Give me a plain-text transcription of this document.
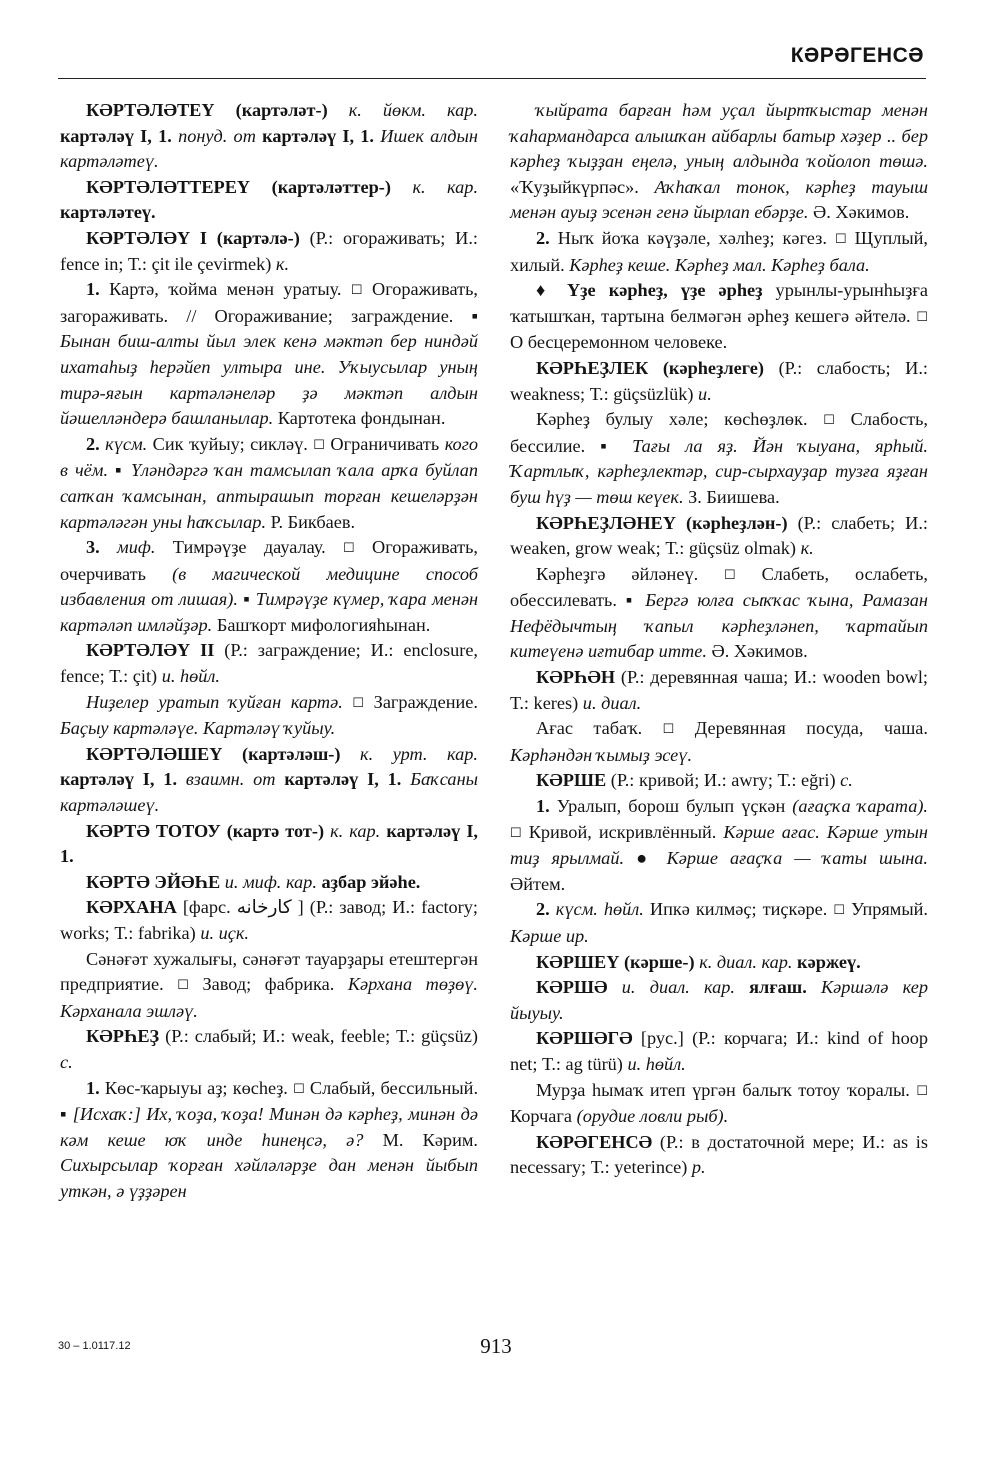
КӘРӘГЕНСӘ

КӘРТӘЛӘТЕҮ (картәләт-) к. йөкм. кар. картәләү I, 1. понуд. от картәләү I, 1. Ишек алдын картәләтеү.

КӘРТӘЛӘТТЕРЕҮ (картәләттер-) к. кар. картәләтеү.

КӘРТӘЛӘҮ I (картәлә-) (Р.: огораживать; И.: fence in; Т.: çit ile çevirmek) к.

1. Картә, ҡойма менән уратыу. ☐ Огораживать, загораживать. // Огораживание; заграждение. ▪ Бынан биш-алты йыл элек кенә мәктәп бер ниндәй ихатаһыҙ һерәйеп ултыра ине. Уҡыусылар уның тирә-яғын картәләнеләр ҙә мәктәп алдын йәшелләндерә башланылар. Картотека фондынан.

2. күсм. Сик ҡуйыу; сикләү. ☐ Ограничивать кого в чём. ▪ Үләндәргә ҡан тамсылап ҡала арҡа буйлап сапҡан ҡамсынан, аптырашып торған кешеләрҙән картәләгән уны һаҡсылар. Р. Бикбаев.

3. миф. Тимрәүҙе дауалау. ☐ Огораживать, очерчивать (в магической медицине способ избавления от лишая). ▪ Тимрәүҙе күмер, ҡара менән картәләп имләйҙәр. Башҡорт мифологияһынан.

КӘРТӘЛӘҮ II (Р.: заграждение; И.: enclosure, fence; Т.: çit) и. һөйл.

Ниҙелер уратып ҡуйған картә. ☐ Заграждение. Баҫыу картәләүе. Картәләү ҡуйыу.

КӘРТӘЛӘШЕҮ (картәләш-) к. урт. кар. картәләү I, 1. взаимн. от картәләү I, 1. Баҡсаны картәләшеү.

КӘРТӘ ТОТОУ (картә тот-) к. кар. картәләү I, 1.

КӘРТӘ ЭЙӘҺЕ и. миф. кар. аҙбар эйәһе.

КӘРХАНА [фарс. کارخانه ] (Р.: завод; И.: factory; works; Т.: fabrika) и. иҫк.

Сәнәғәт хужалығы, сәнәғәт тауарҙары етештергән предприятие. ☐ Завод; фабрика. Кәрхана төҙөү. Кәрханала эшләү.

КӘРҺЕҘ (Р.: слабый; И.: weak, feeble; Т.: güçsüz) с.

1. Көс-ҡарыуы аҙ; көсһеҙ. ☐ Слабый, бессильный. ▪ [Исхаҡ:] Их, ҡоҙа, ҡоҙа! Минән дә кәрһеҙ, минән дә кәм кеше юҡ инде һинеңсә, ә? М. Кәрим. Сихырсылар ҡорған хәйләләрҙе дан менән йыбып уткән, ә үҙҙәрен

ҡыйрата барған һәм уҫал йыртҡыстар менән ҡаһармандарса алышҡан айбарлы батыр хәҙер .. бер кәрһеҙ ҡыҙҙан еңелә, уның алдында ҡойолоп төшә. «Ҡуҙыйкүрпәс». Аҡһаҡал тонок, кәрһеҙ тауыш менән ауыҙ эсенән генә йырлап ебәрҙе. Ә. Хәкимов.

2. Ныҡ йоҡа кәүҙәле, хәлһеҙ; кәгез. ☐ Щуплый, хилый. Кәрһеҙ кеше. Кәрһеҙ мал. Кәрһеҙ бала.

♦ Үҙе кәрһеҙ, үҙе әрһеҙ урынлы-урынһыҙға ҡатышҡан, тартына белмәгән әрһеҙ кешегә әйтелә. ☐ О бесцеремонном человеке.

КӘРҺЕҘЛЕК (кәрһеҙлеге) (Р.: слабость; И.: weakness; Т.: güçsüzlük) и.

Кәрһеҙ булыу хәле; көсһөҙлөк. ☐ Слабость, бессилие. ▪ Тағы ла яҙ. Йән ҡыуана, ярһый. Ҡартлыҡ, кәрһеҙлектәр, сир-сырхауҙар тузға яҙған буш һүҙ — төш кеүек. З. Биишева.

КӘРҺЕҘЛӘНЕҮ (кәрһеҙлән-) (Р.: слабеть; И.: weaken, grow weak; Т.: güçsüz olmak) к.

Кәрһеҙгә әйләнеү. ☐ Слабеть, ослабеть, обессилевать. ▪ Бергә юлға сыҡҡас ҡына, Рамазан Нефёдычтың ҡапыл кәрһеҙләнеп, ҡартайып китеүенә иғтибар итте. Ә. Хәкимов.

КӘРҺӘН (Р.: деревянная чаша; И.: wooden bowl; Т.: keres) и. диал.

Ағас табаҡ. ☐ Деревянная посуда, чаша. Кәрһәндән ҡымыҙ эсеү.

КӘРШЕ (Р.: кривой; И.: awry; Т.: eğri) с.

1. Уралып, борош булып үҫкән (ағаҫҡа ҡарата). ☐ Кривой, искривлённый. Кәрше ағас. Кәрше утын тиҙ ярылмай. ● Кәрше ағаҫҡа — ҡаты шына. Әйтем.

2. күсм. һөйл. Ипкә килмәҫ; тиҫкәре. ☐ Упрямый. Кәрше ир.

КӘРШЕҮ (кәрше-) к. диал. кар. кәржеү.

КӘРШӘ и. диал. кар. ялғаш. Кәршәлә кер йыуыу.

КӘРШӘГӘ [рус.] (Р.: корчага; И.: kind of hoop net; Т.: ag türü) и. һөйл.

Мурҙа һымаҡ итеп үргән балыҡ тотоу ҡоралы. ☐ Корчага (орудие ловли рыб).

КӘРӘГЕНСӘ (Р.: в достаточной мере; И.: as is necessary; Т.: yeterince) р.

30 – 1.0117.12	913
